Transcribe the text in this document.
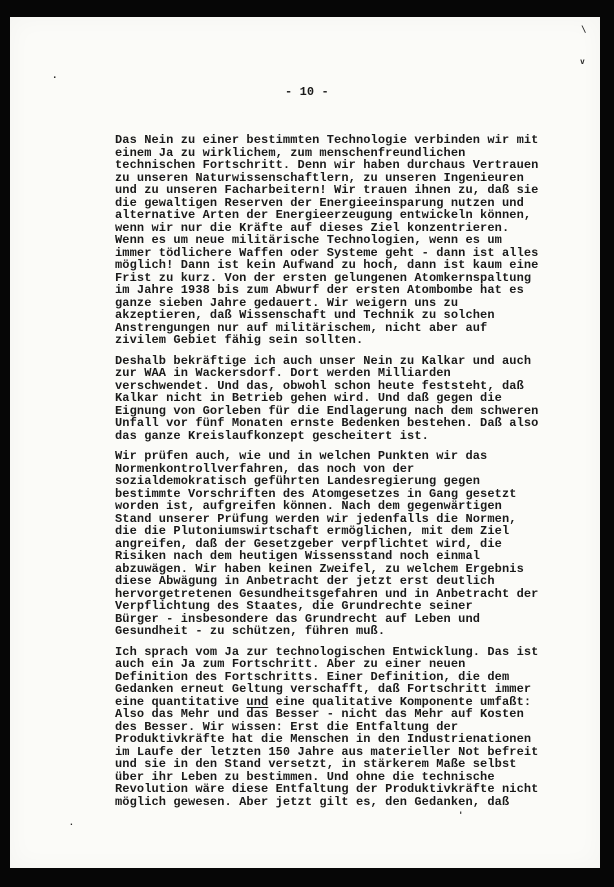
- 10 -
Das Nein zu einer bestimmten Technologie verbinden wir mit
einem Ja zu wirklichem, zum menschenfreundlichen
technischen Fortschritt. Denn wir haben durchaus Vertrauen
zu unseren Naturwissenschaftlern, zu unseren Ingenieuren
und zu unseren Facharbeitern! Wir trauen ihnen zu, daß sie
die gewaltigen Reserven der Energieeinsparung nutzen und
alternative Arten der Energieerzeugung entwickeln können,
wenn wir nur die Kräfte auf dieses Ziel konzentrieren.
Wenn es um neue militärische Technologien, wenn es um
immer tödlichere Waffen oder Systeme geht - dann ist alles
möglich! Dann ist kein Aufwand zu hoch, dann ist kaum eine
Frist zu kurz. Von der ersten gelungenen Atomkernspaltung
im Jahre 1938 bis zum Abwurf der ersten Atombombe hat es
ganze sieben Jahre gedauert. Wir weigern uns zu
akzeptieren, daß Wissenschaft und Technik zu solchen
Anstrengungen nur auf militärischem, nicht aber auf
zivilem Gebiet fähig sein sollten.
Deshalb bekräftige ich auch unser Nein zu Kalkar und auch
zur WAA in Wackersdorf. Dort werden Milliarden
verschwendet. Und das, obwohl schon heute feststeht, daß
Kalkar nicht in Betrieb gehen wird. Und daß gegen die
Eignung von Gorleben für die Endlagerung nach dem schweren
Unfall vor fünf Monaten ernste Bedenken bestehen. Daß also
das ganze Kreislaufkonzept gescheitert ist.
Wir prüfen auch, wie und in welchen Punkten wir das
Normenkontrollverfahren, das noch von der
sozialdemokratisch geführten Landesregierung gegen
bestimmte Vorschriften des Atomgesetzes in Gang gesetzt
worden ist, aufgreifen können. Nach dem gegenwärtigen
Stand unserer Prüfung werden wir jedenfalls die Normen,
die die Plutoniumswirtschaft ermöglichen, mit dem Ziel
angreifen, daß der Gesetzgeber verpflichtet wird, die
Risiken nach dem heutigen Wissensstand noch einmal
abzuwägen. Wir haben keinen Zweifel, zu welchem Ergebnis
diese Abwägung in Anbetracht der jetzt erst deutlich
hervorgetretenen Gesundheitsgefahren und in Anbetracht der
Verpflichtung des Staates, die Grundrechte seiner
Bürger - insbesondere das Grundrecht auf Leben und
Gesundheit - zu schützen, führen muß.
Ich sprach vom Ja zur technologischen Entwicklung. Das ist
auch ein Ja zum Fortschritt. Aber zu einer neuen
Definition des Fortschritts. Einer Definition, die dem
Gedanken erneut Geltung verschafft, daß Fortschritt immer
eine quantitative und eine qualitative Komponente umfaßt:
Also das Mehr und das Besser - nicht das Mehr auf Kosten
des Besser. Wir wissen: Erst die Entfaltung der
Produktivkräfte hat die Menschen in den Industrienationen
im Laufe der letzten 150 Jahre aus materieller Not befreit
und sie in den Stand versetzt, in stärkerem Maße selbst
über ihr Leben zu bestimmen. Und ohne die technische
Revolution wäre diese Entfaltung der Produktivkräfte nicht
möglich gewesen. Aber jetzt gilt es, den Gedanken, daß
\
v
.
'
.
